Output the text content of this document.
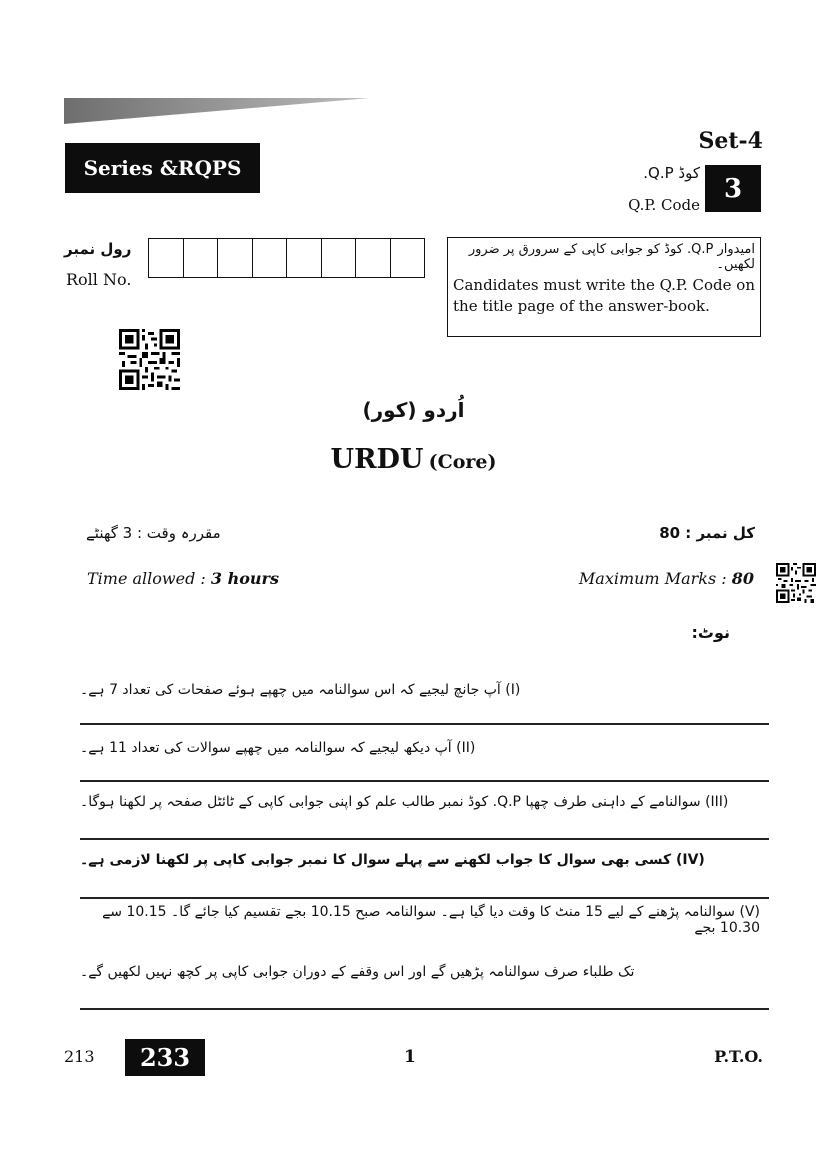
Set-4
Series &RQPS	کوڈ Q.P.
Q.P. Code
3
رول نمبر
Roll No.
امیدوار Q.P. کوڈ کو جوابی کاپی کے سرورق پر ضرور لکھیں۔
Candidates must write the Q.P. Code on the title page of the answer-book.
اُردو (کور)
URDU (Core)
مقررہ وقت : 3 گھنٹے	کل نمبر : 80
Time allowed : 3 hours	Maximum Marks : 80
نوٹ:
(I) آپ جانچ لیجیے کہ اس سوالنامہ میں چھپے ہوئے صفحات کی تعداد 7 ہے۔
(II) آپ دیکھ لیجیے کہ سوالنامہ میں چھپے سوالات کی تعداد 11 ہے۔
(III) سوالنامے کے داہنی طرف چھپا Q.P. کوڈ نمبر طالب علم کو اپنی جوابی کاپی کے ٹائٹل صفحہ پر لکھنا ہوگا۔
(IV) کسی بھی سوال کا جواب لکھنے سے پہلے سوال کا نمبر جوابی کاپی پر لکھنا لازمی ہے۔
(V) سوالنامہ پڑھنے کے لیے 15 منٹ کا وقت دیا گیا ہے۔ سوالنامہ صبح 10.15 بجے تقسیم کیا جائے گا۔ 10.15 سے 10.30 بجے
تک طلباء صرف سوالنامہ پڑھیں گے اور اس وقفے کے دوران جوابی کاپی پر کچھ نہیں لکھیں گے۔
213	233	1	P.T.O.
